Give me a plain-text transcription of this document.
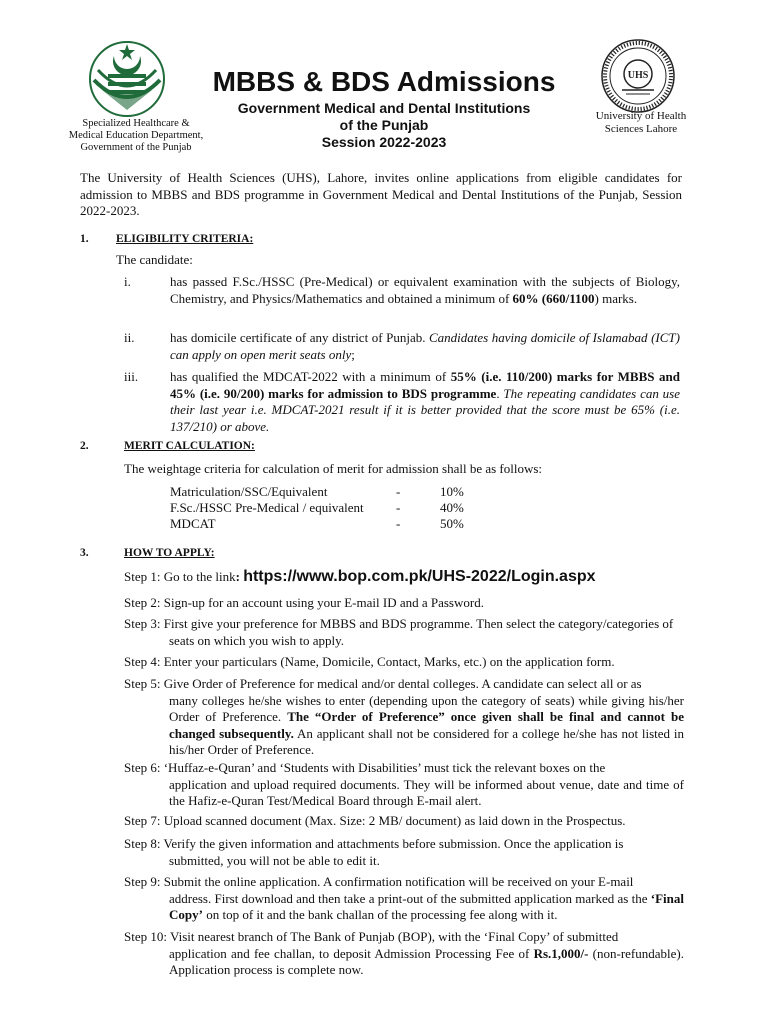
Specialized Healthcare &
Medical Education Department,
Government of the Punjab
UHS
University of Health
Sciences Lahore
MBBS & BDS Admissions
Government Medical and Dental Institutions
of the Punjab
Session 2022-2023
The University of Health Sciences (UHS), Lahore, invites online applications from eligible candidates for admission to MBBS and BDS programme in Government Medical and Dental Institutions of the Punjab, Session 2022-2023.
1. ELIGIBILITY CRITERIA:
The candidate:
i.	has passed F.Sc./HSSC (Pre-Medical) or equivalent examination with the subjects of Biology, Chemistry, and Physics/Mathematics and obtained a minimum of 60% (660/1100) marks.
ii.	has domicile certificate of any district of Punjab. Candidates having domicile of Islamabad (ICT) can apply on open merit seats only;
iii. has qualified the MDCAT-2022 with a minimum of 55% (i.e. 110/200) marks for MBBS and 45% (i.e. 90/200) marks for admission to BDS programme. The repeating candidates can use their last year i.e. MDCAT-2021 result if it is better provided that the score must be 65% (i.e. 137/210) or above.
2.	MERIT CALCULATION:
The weightage criteria for calculation of merit for admission shall be as follows:
Matriculation/SSC/Equivalent	-	10%
F.Sc./HSSC Pre-Medical / equivalent -	40%
MDCAT	-	50%
3.	HOW TO APPLY:
Step 1: Go to the link: https://www.bop.com.pk/UHS-2022/Login.aspx
Step 2: Sign-up for an account using your E-mail ID and a Password.
Step 3: First give your preference for MBBS and BDS programme. Then select the category/categories of
seats on which you wish to apply.
Step 4: Enter your particulars (Name, Domicile, Contact, Marks, etc.) on the application form.
Step 5: Give Order of Preference for medical and/or dental colleges. A candidate can select all or as
many colleges he/she wishes to enter (depending upon the category of seats) while giving his/her Order of Preference. The “Order of Preference” once given shall be final and cannot be changed subsequently. An applicant shall not be considered for a college he/she has not listed in his/her Order of Preference.
Step 6: ‘Huffaz-e-Quran’ and ‘Students with Disabilities’ must tick the relevant boxes on the
application and upload required documents. They will be informed about venue, date and time of the Hafiz-e-Quran Test/Medical Board through E-mail alert.
Step 7: Upload scanned document (Max. Size: 2 MB/ document) as laid down in the Prospectus.
Step 8: Verify the given information and attachments before submission. Once the application is
submitted, you will not be able to edit it.
Step 9: Submit the online application. A confirmation notification will be received on your E-mail
address. First download and then take a print-out of the submitted application marked as the ‘Final Copy’ on top of it and the bank challan of the processing fee along with it.
Step 10: Visit nearest branch of The Bank of Punjab (BOP), with the ‘Final Copy’ of submitted
application and fee challan, to deposit Admission Processing Fee of Rs.1,000/- (non-refundable). Application process is complete now.
